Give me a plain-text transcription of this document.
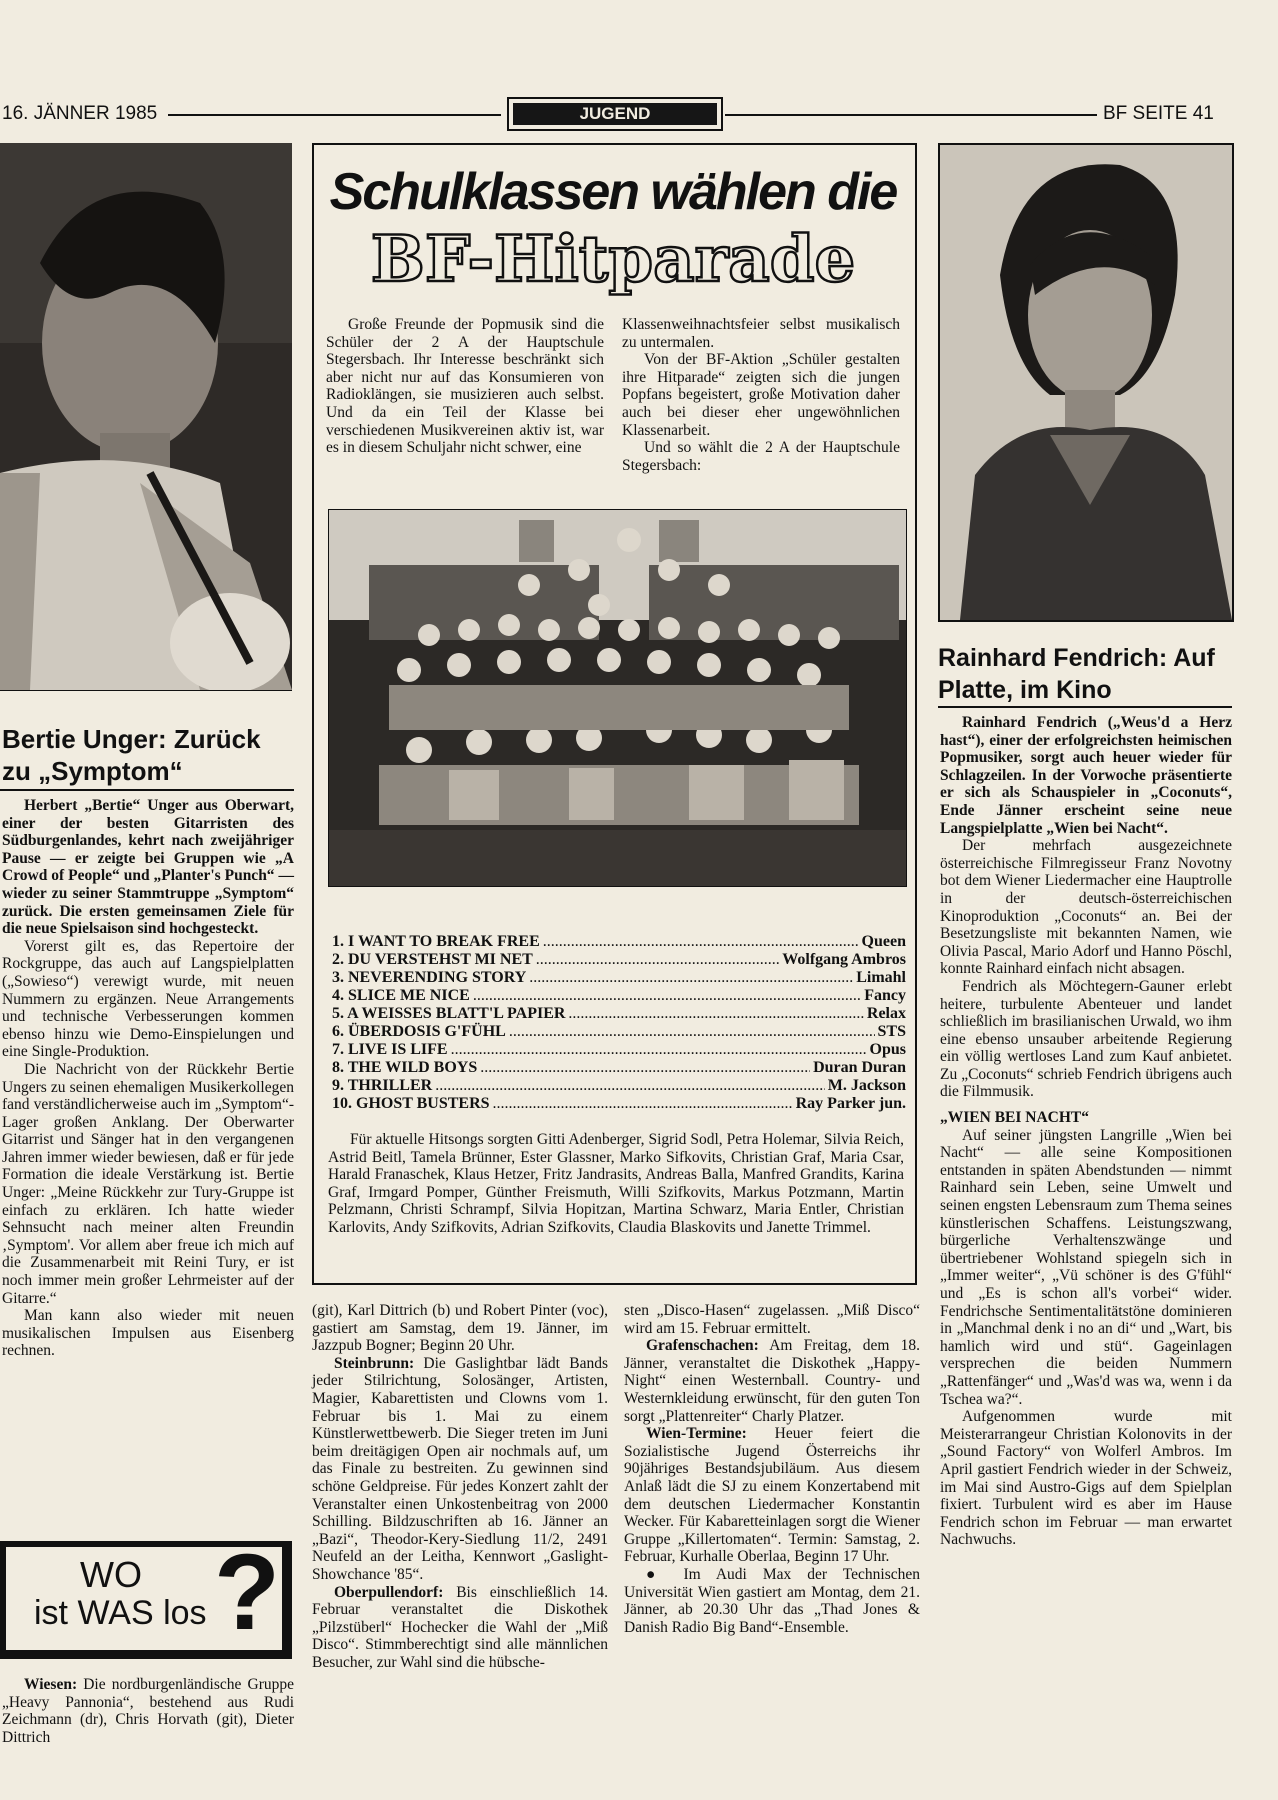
16. JÄNNER 1985	JUGEND	BF SEITE 41
Bertie Unger: Zurück zu „Symptom“

Herbert „Bertie“ Unger aus Oberwart, einer der besten Gitarristen des Südburgenlandes, kehrt nach zweijähriger Pause — er zeigte bei Gruppen wie „A Crowd of People“ und „Planter's Punch“ — wieder zu seiner Stammtruppe „Symptom“ zurück. Die ersten gemeinsamen Ziele für die neue Spielsaison sind hochgesteckt.

Vorerst gilt es, das Repertoire der Rockgruppe, das auch auf Langspielplatten („Sowieso“) verewigt wurde, mit neuen Nummern zu ergänzen. Neue Arrangements und technische Verbesserungen kommen ebenso hinzu wie Demo-Einspielungen und eine Single-Produktion.

Die Nachricht von der Rückkehr Bertie Ungers zu seinen ehemaligen Musikerkollegen fand verständlicherweise auch im „Symptom“-Lager großen Anklang. Der Oberwarter Gitarrist und Sänger hat in den vergangenen Jahren immer wieder bewiesen, daß er für jede Formation die ideale Verstärkung ist. Bertie Unger: „Meine Rückkehr zur Tury-Gruppe ist einfach zu erklären. Ich hatte wieder Sehnsucht nach meiner alten Freundin ‚Symptom'. Vor allem aber freue ich mich auf die Zusammenarbeit mit Reini Tury, er ist noch immer mein großer Lehrmeister auf der Gitarre.“

Man kann also wieder mit neuen musikalischen Impulsen aus Eisenberg rechnen.

WO
ist WAS los ?

Wiesen: Die nordburgenländische Gruppe „Heavy Pannonia“, bestehend aus Rudi Zeichmann (dr), Chris Horvath (git), Dieter Dittrich

Schulklassen wählen die
BF-Hitparade

Große Freunde der Popmusik sind die Schüler der 2 A der Hauptschule Stegersbach. Ihr Interesse beschränkt sich aber nicht nur auf das Konsumieren von Radioklängen, sie musizieren auch selbst. Und da ein Teil der Klasse bei verschiedenen Musikvereinen aktiv ist, war es in diesem Schuljahr nicht schwer, eine

Klassenweihnachtsfeier selbst musikalisch zu untermalen.

Von der BF-Aktion „Schüler gestalten ihre Hitparade“ zeigten sich die jungen Popfans begeistert, große Motivation daher auch bei dieser eher ungewöhnlichen Klassenarbeit.

Und so wählt die 2 A der Hauptschule Stegersbach:

1. I WANT TO BREAK FREE .....	Queen
2. DU VERSTEHST MI NET .....	Wolfgang Ambros
3. NEVERENDING STORY .....	Limahl
4. SLICE ME NICE .....	Fancy
5. A WEISSES BLATT'L PAPIER .....	Relax
6. ÜBERDOSIS G'FÜHL .....	STS
7. LIVE IS LIFE .....	Opus
8. THE WILD BOYS .....	Duran Duran
9. THRILLER .....	M. Jackson
10. GHOST BUSTERS .....	Ray Parker jun.

Für aktuelle Hitsongs sorgten Gitti Adenberger, Sigrid Sodl, Petra Holemar, Silvia Reich, Astrid Beitl, Tamela Brünner, Ester Glassner, Marko Sifkovits, Christian Graf, Maria Csar, Harald Franaschek, Klaus Hetzer, Fritz Jandrasits, Andreas Balla, Manfred Grandits, Karina Graf, Irmgard Pomper, Günther Freismuth, Willi Szifkovits, Markus Potzmann, Martin Pelzmann, Christi Schrampf, Silvia Hopitzan, Martina Schwarz, Maria Entler, Christian Karlovits, Andy Szifkovits, Adrian Szifkovits, Claudia Blaskovits und Janette Trimmel.

(git), Karl Dittrich (b) und Robert Pinter (voc), gastiert am Samstag, dem 19. Jänner, im Jazzpub Bogner; Beginn 20 Uhr.

Steinbrunn: Die Gaslightbar lädt Bands jeder Stilrichtung, Solosänger, Artisten, Magier, Kabarettisten und Clowns vom 1. Februar bis 1. Mai zu einem Künstlerwettbewerb. Die Sieger treten im Juni beim dreitägigen Open air nochmals auf, um das Finale zu bestreiten. Zu gewinnen sind schöne Geldpreise. Für jedes Konzert zahlt der Veranstalter einen Unkostenbeitrag von 2000 Schilling. Bildzuschriften ab 16. Jänner an „Bazi“, Theodor-Kery-Siedlung 11/2, 2491 Neufeld an der Leitha, Kennwort „Gaslight-Showchance '85“.

Oberpullendorf: Bis einschließlich 14. Februar veranstaltet die Diskothek „Pilzstüberl“ Hochecker die Wahl der „Miß Disco“. Stimmberechtigt sind alle männlichen Besucher, zur Wahl sind die hübsche-

sten „Disco-Hasen“ zugelassen. „Miß Disco“ wird am 15. Februar ermittelt.

Grafenschachen: Am Freitag, dem 18. Jänner, veranstaltet die Diskothek „Happy-Night“ einen Westernball. Country- und Westernkleidung erwünscht, für den guten Ton sorgt „Plattenreiter“ Charly Platzer.

Wien-Termine: Heuer feiert die Sozialistische Jugend Österreichs ihr 90jähriges Bestandsjubiläum. Aus diesem Anlaß lädt die SJ zu einem Konzertabend mit dem deutschen Liedermacher Konstantin Wecker. Für Kabaretteinlagen sorgt die Wiener Gruppe „Killertomaten“. Termin: Samstag, 2. Februar, Kurhalle Oberlaa, Beginn 17 Uhr.

● Im Audi Max der Technischen Universität Wien gastiert am Montag, dem 21. Jänner, ab 20.30 Uhr das „Thad Jones & Danish Radio Big Band“-Ensemble.

Rainhard Fendrich: Auf Platte, im Kino

Rainhard Fendrich („Weus'd a Herz hast“), einer der erfolgreichsten heimischen Popmusiker, sorgt auch heuer wieder für Schlagzeilen. In der Vorwoche präsentierte er sich als Schauspieler in „Coconuts“, Ende Jänner erscheint seine neue Langspielplatte „Wien bei Nacht“.

Der mehrfach ausgezeichnete österreichische Filmregisseur Franz Novotny bot dem Wiener Liedermacher eine Hauptrolle in der deutsch-österreichischen Kinoproduktion „Coconuts“ an. Bei der Besetzungsliste mit bekannten Namen, wie Olivia Pascal, Mario Adorf und Hanno Pöschl, konnte Rainhard einfach nicht absagen.

Fendrich als Möchtegern-Gauner erlebt heitere, turbulente Abenteuer und landet schließlich im brasilianischen Urwald, wo ihm eine ebenso unsauber arbeitende Regierung ein völlig wertloses Land zum Kauf anbietet. Zu „Coconuts“ schrieb Fendrich übrigens auch die Filmmusik.

„WIEN BEI NACHT“

Auf seiner jüngsten Langrille „Wien bei Nacht“ — alle seine Kompositionen entstanden in späten Abendstunden — nimmt Rainhard sein Leben, seine Umwelt und seinen engsten Lebensraum zum Thema seines künstlerischen Schaffens. Leistungszwang, bürgerliche Verhaltenszwänge und übertriebener Wohlstand spiegeln sich in „Immer weiter“, „Vü schöner is des G'fühl“ und „Es is schon all's vorbei“ wider. Fendrichsche Sentimentalitätstöne dominieren in „Manchmal denk i no an di“ und „Wart, bis hamlich wird und stü“. Gageinlagen versprechen die beiden Nummern „Rattenfänger“ und „Was'd was wa, wenn i da Tschea wa?“.

Aufgenommen wurde mit Meisterarrangeur Christian Kolonovits in der „Sound Factory“ von Wolferl Ambros. Im April gastiert Fendrich wieder in der Schweiz, im Mai sind Austro-Gigs auf dem Spielplan fixiert. Turbulent wird es aber im Hause Fendrich schon im Februar — man erwartet Nachwuchs.
